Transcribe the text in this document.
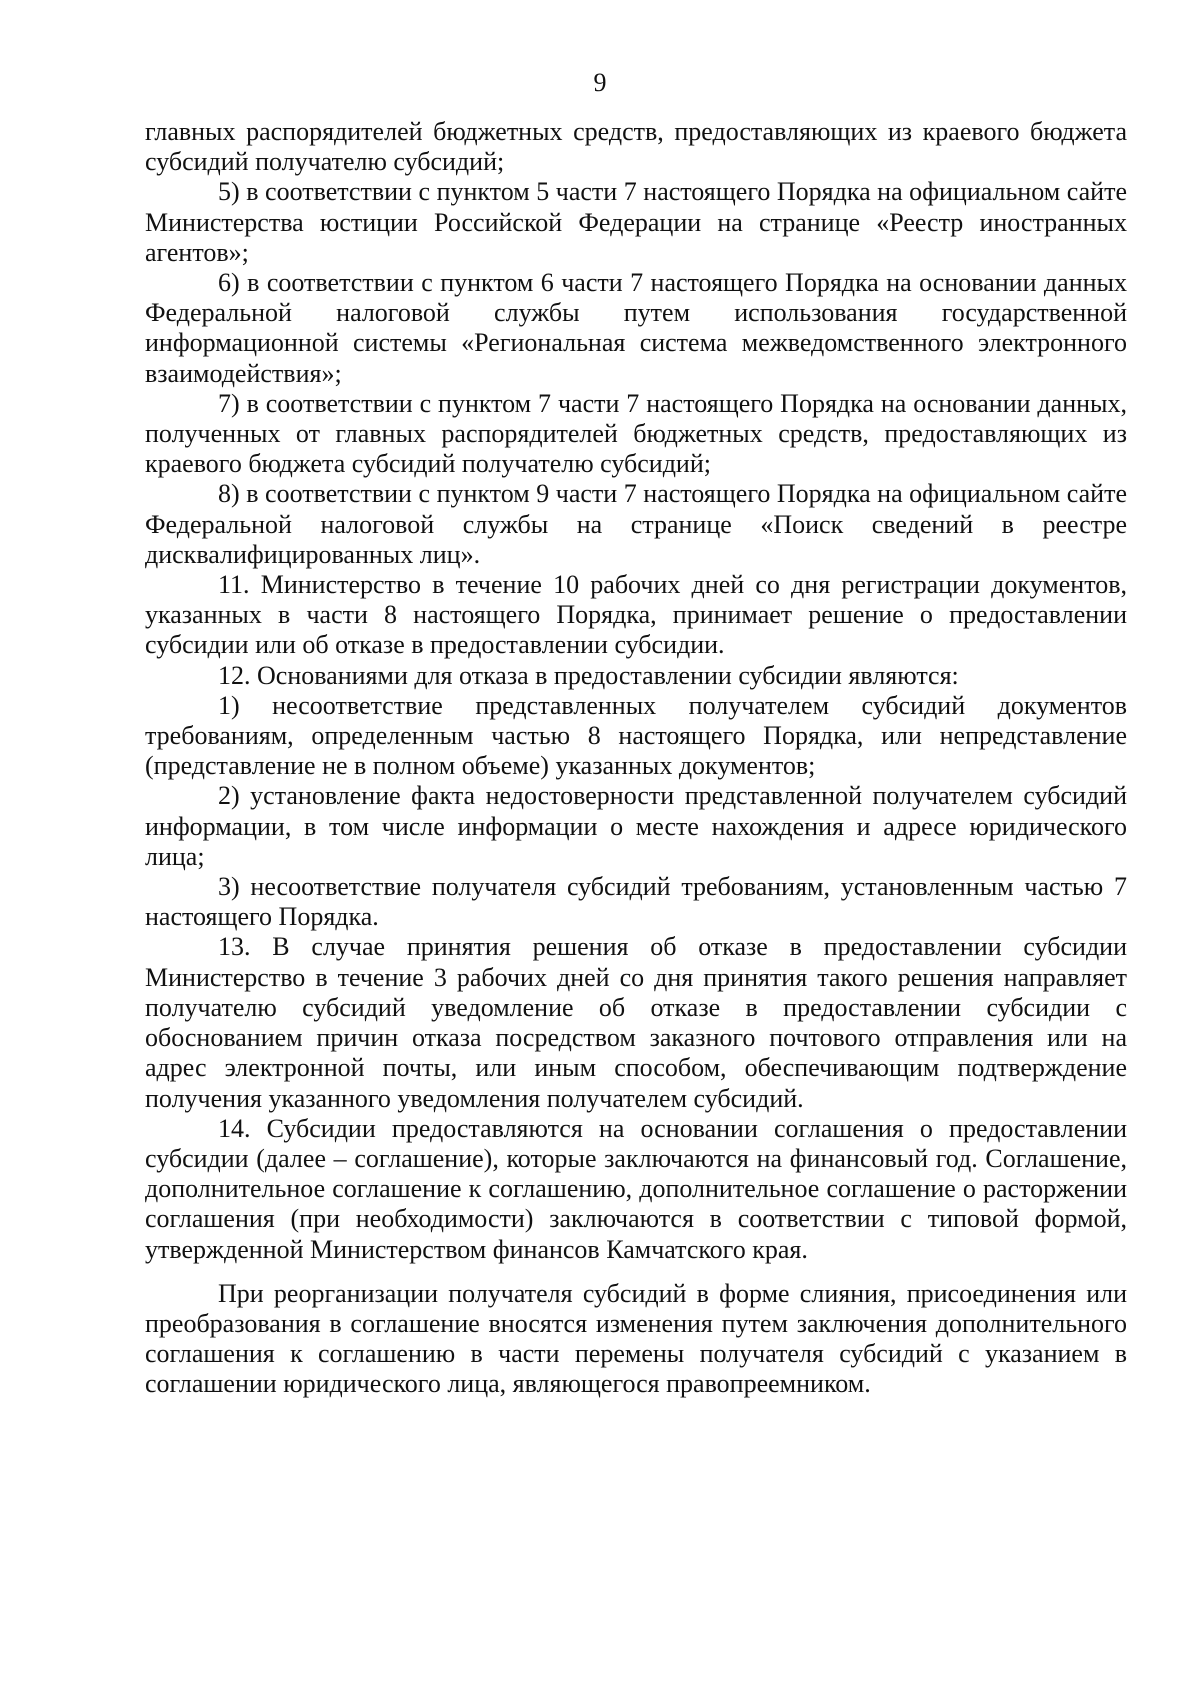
9

главных распорядителей бюджетных средств, предоставляющих из краевого бюджета субсидий получателю субсидий;

5) в соответствии с пунктом 5 части 7 настоящего Порядка на официальном сайте Министерства юстиции Российской Федерации на странице «Реестр иностранных агентов»;

6) в соответствии с пунктом 6 части 7 настоящего Порядка на основании данных Федеральной налоговой службы путем использования государственной информационной системы «Региональная система межведомственного электронного взаимодействия»;

7) в соответствии с пунктом 7 части 7 настоящего Порядка на основании данных, полученных от главных распорядителей бюджетных средств, предоставляющих из краевого бюджета субсидий получателю субсидий;

8) в соответствии с пунктом 9 части 7 настоящего Порядка на официальном сайте Федеральной налоговой службы на странице «Поиск сведений в реестре дисквалифицированных лиц».

11. Министерство в течение 10 рабочих дней со дня регистрации документов, указанных в части 8 настоящего Порядка, принимает решение о предоставлении субсидии или об отказе в предоставлении субсидии.

12. Основаниями для отказа в предоставлении субсидии являются:

1) несоответствие представленных получателем субсидий документов требованиям, определенным частью 8 настоящего Порядка, или непредставление (представление не в полном объеме) указанных документов;

2) установление факта недостоверности представленной получателем субсидий информации, в том числе информации о месте нахождения и адресе юридического лица;

3) несоответствие получателя субсидий требованиям, установленным частью 7 настоящего Порядка.

13. В случае принятия решения об отказе в предоставлении субсидии Министерство в течение 3 рабочих дней со дня принятия такого решения направляет получателю субсидий уведомление об отказе в предоставлении субсидии с обоснованием причин отказа посредством заказного почтового отправления или на адрес электронной почты, или иным способом, обеспечивающим подтверждение получения указанного уведомления получателем субсидий.

14. Субсидии предоставляются на основании соглашения о предоставлении субсидии (далее – соглашение), которые заключаются на финансовый год. Соглашение, дополнительное соглашение к соглашению, дополнительное соглашение о расторжении соглашения (при необходимости) заключаются в соответствии с типовой формой, утвержденной Министерством финансов Камчатского края.

При реорганизации получателя субсидий в форме слияния, присоединения или преобразования в соглашение вносятся изменения путем заключения дополнительного соглашения к соглашению в части перемены получателя субсидий с указанием в соглашении юридического лица, являющегося правопреемником.
